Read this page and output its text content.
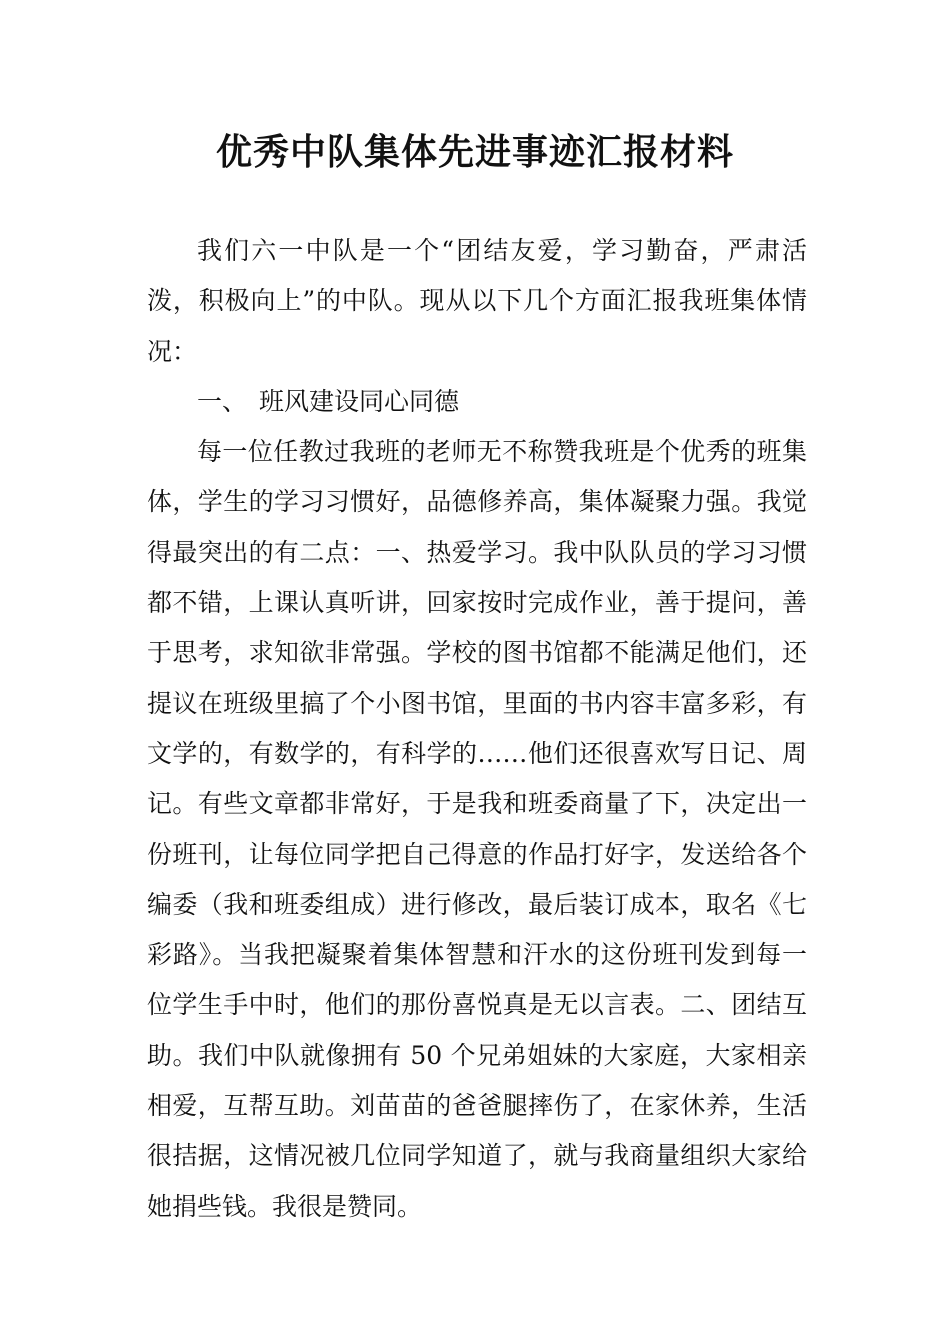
优秀中队集体先进事迹汇报材料

我们六一中队是一个“团结友爱，学习勤奋，严肃活泼，积极向上”的中队。现从以下几个方面汇报我班集体情况：

一、 班风建设同心同德

每一位任教过我班的老师无不称赞我班是个优秀的班集体，学生的学习习惯好，品德修养高，集体凝聚力强。我觉得最突出的有二点：一、热爱学习。我中队队员的学习习惯都不错，上课认真听讲，回家按时完成作业，善于提问，善于思考，求知欲非常强。学校的图书馆都不能满足他们，还提议在班级里搞了个小图书馆，里面的书内容丰富多彩，有文学的，有数学的，有科学的……他们还很喜欢写日记、周记。有些文章都非常好，于是我和班委商量了下，决定出一份班刊，让每位同学把自己得意的作品打好字，发送给各个编委（我和班委组成）进行修改，最后装订成本，取名《七彩路》。当我把凝聚着集体智慧和汗水的这份班刊发到每一位学生手中时，他们的那份喜悦真是无以言表。二、团结互助。我们中队就像拥有 50 个兄弟姐妹的大家庭，大家相亲相爱，互帮互助。刘苗苗的爸爸腿摔伤了，在家休养，生活很拮据，这情况被几位同学知道了，就与我商量组织大家给她捐些钱。我很是赞同。
